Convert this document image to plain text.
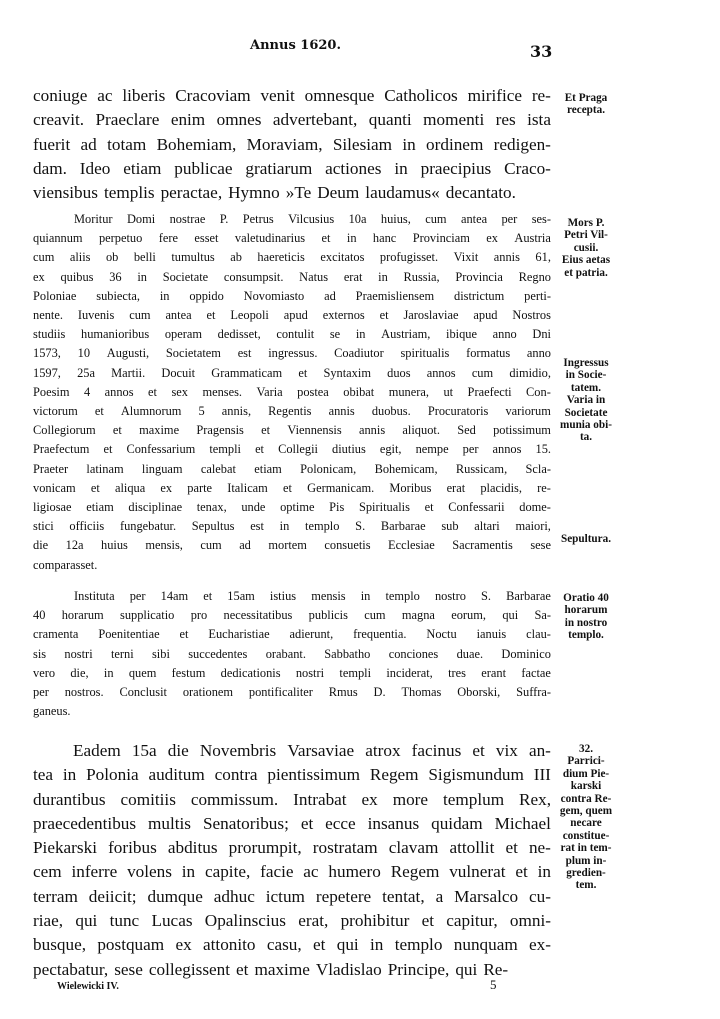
Annus 1620.	33
coniuge ac liberis Cracoviam venit omnesque Catholicos mirifice re-
creavit. Praeclare enim omnes advertebant, quanti momenti res ista
fuerit ad totam Bohemiam, Moraviam, Silesiam in ordinem redigen-
dam. Ideo etiam publicae gratiarum actiones in praecipius Craco-
viensibus templis peractae, Hymno »Te Deum laudamus« decantato.
Moritur Domi nostrae P. Petrus Vilcusius 10a huius, cum antea per ses-
quiannum perpetuo fere esset valetudinarius et in hanc Provinciam ex Austria
cum aliis ob belli tumultus ab haereticis excitatos profugisset. Vixit annis 61,
ex quibus 36 in Societate consumpsit. Natus erat in Russia, Provincia Regno
Poloniae subiecta, in oppido Novomiasto ad Praemisliensem districtum perti-
nente. Iuvenis cum antea et Leopoli apud externos et Jaroslaviae apud Nostros
studiis humanioribus operam dedisset, contulit se in Austriam, ibique anno Dni
1573, 10 Augusti, Societatem est ingressus. Coadiutor spiritualis formatus anno
1597, 25a Martii. Docuit Grammaticam et Syntaxim duos annos cum dimidio,
Poesim 4 annos et sex menses. Varia postea obibat munera, ut Praefecti Con-
victorum et Alumnorum 5 annis, Regentis annis duobus. Procuratoris variorum
Collegiorum et maxime Pragensis et Viennensis annis aliquot. Sed potissimum
Praefectum et Confessarium templi et Collegii diutius egit, nempe per annos 15.
Praeter latinam linguam calebat etiam Polonicam, Bohemicam, Russicam, Scla-
vonicam et aliqua ex parte Italicam et Germanicam. Moribus erat placidis, re-
ligiosae etiam disciplinae tenax, unde optime Pis Spiritualis et Confessarii dome-
stici officiis fungebatur. Sepultus est in templo S. Barbarae sub altari maiori,
die 12a huius mensis, cum ad mortem consuetis Ecclesiae Sacramentis sese
comparasset.
Instituta per 14am et 15am istius mensis in templo nostro S. Barbarae
40 horarum supplicatio pro necessitatibus publicis cum magna eorum, qui Sa-
cramenta Poenitentiae et Eucharistiae adierunt, frequentia. Noctu ianuis clau-
sis nostri terni sibi succedentes orabant. Sabbatho conciones duae. Dominico
vero die, in quem festum dedicationis nostri templi inciderat, tres erant factae
per nostros. Conclusit orationem pontificaliter Rmus D. Thomas Oborski, Suffra-
ganeus.
Eadem 15a die Novembris Varsaviae atrox facinus et vix an-
tea in Polonia auditum contra pientissimum Regem Sigismundum III
durantibus comitiis commissum. Intrabat ex more templum Rex,
praecedentibus multis Senatoribus; et ecce insanus quidam Michael
Piekarski foribus abditus prorumpit, rostratam clavam attollit et ne-
cem inferre volens in capite, facie ac humero Regem vulnerat et in
terram deiicit; dumque adhuc ictum repetere tentat, a Marsalco cu-
riae, qui tunc Lucas Opalinscius erat, prohibitur et capitur, omni-
busque, postquam ex attonito casu, et qui in templo nunquam ex-
pectabatur, sese collegissent et maxime Vladislao Principe, qui Re-
Et Praga
recepta.
Mors P.
Petri Vil-
cusii.
Eius aetas
et patria.
Ingressus
in Socie-
tatem.
Varia in
Societate
munia obi-
ta.
Sepultura.
Oratio 40
horarum
in nostro
templo.
32.
Parrici-
dium Pie-
karski
contra Re-
gem, quem
necare
constitue-
rat in tem-
plum in-
gredien-
tem.
Wielewicki IV.	5
